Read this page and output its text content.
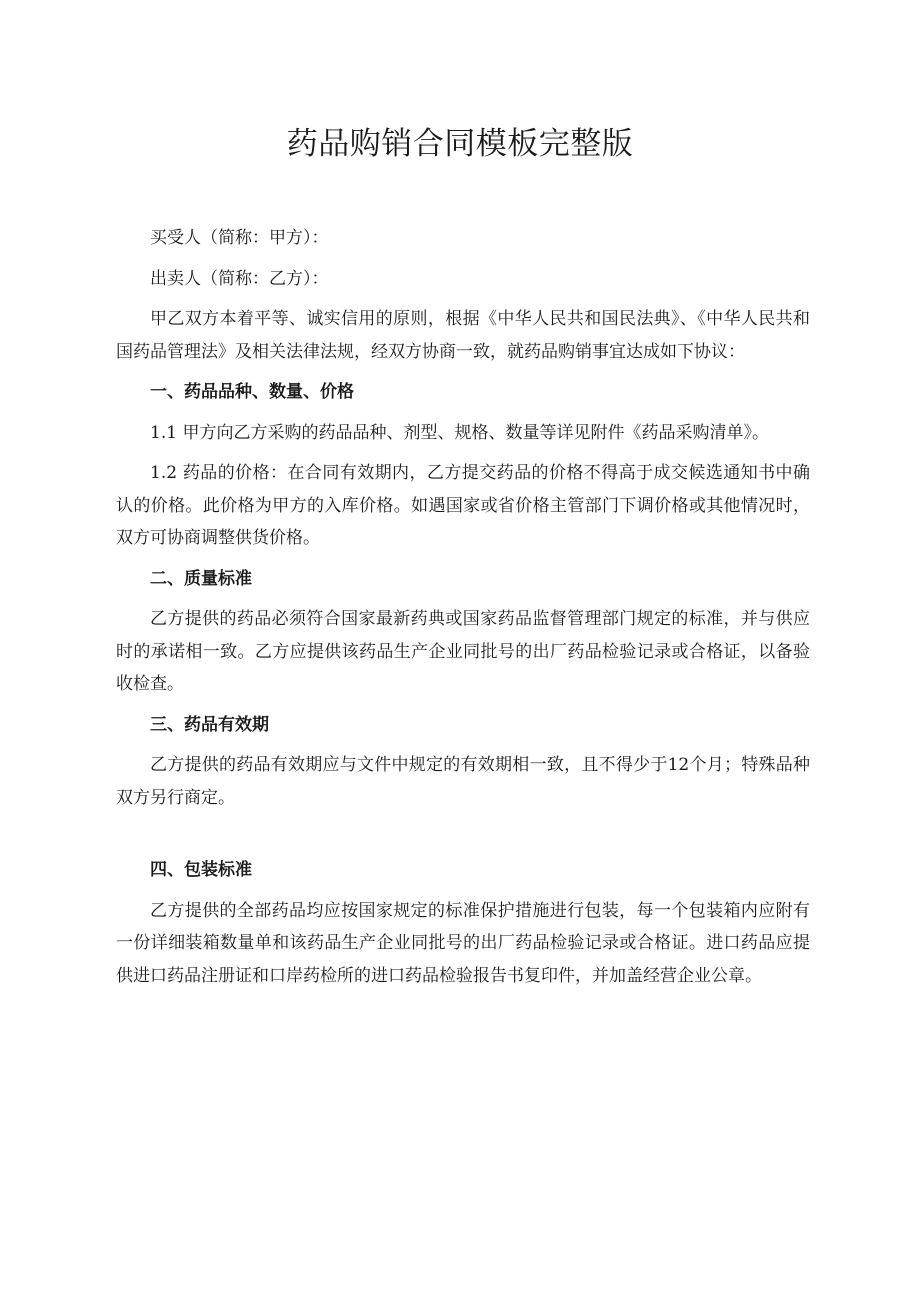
药品购销合同模板完整版

买受人（简称：甲方）：

出卖人（简称：乙方）：

甲乙双方本着平等、诚实信用的原则，根据《中华人民共和国民法典》、《中华人民共和国药品管理法》及相关法律法规，经双方协商一致，就药品购销事宜达成如下协议：

一、药品品种、数量、价格

1.1 甲方向乙方采购的药品品种、剂型、规格、数量等详见附件《药品采购清单》。

1.2 药品的价格：在合同有效期内，乙方提交药品的价格不得高于成交候选通知书中确认的价格。此价格为甲方的入库价格。如遇国家或省价格主管部门下调价格或其他情况时，双方可协商调整供货价格。

二、质量标准

乙方提供的药品必须符合国家最新药典或国家药品监督管理部门规定的标准，并与供应时的承诺相一致。乙方应提供该药品生产企业同批号的出厂药品检验记录或合格证，以备验收检查。

三、药品有效期

乙方提供的药品有效期应与文件中规定的有效期相一致，且不得少于12个月；特殊品种双方另行商定。

四、包装标准

乙方提供的全部药品均应按国家规定的标准保护措施进行包装，每一个包装箱内应附有一份详细装箱数量单和该药品生产企业同批号的出厂药品检验记录或合格证。进口药品应提供进口药品注册证和口岸药检所的进口药品检验报告书复印件，并加盖经营企业公章。
